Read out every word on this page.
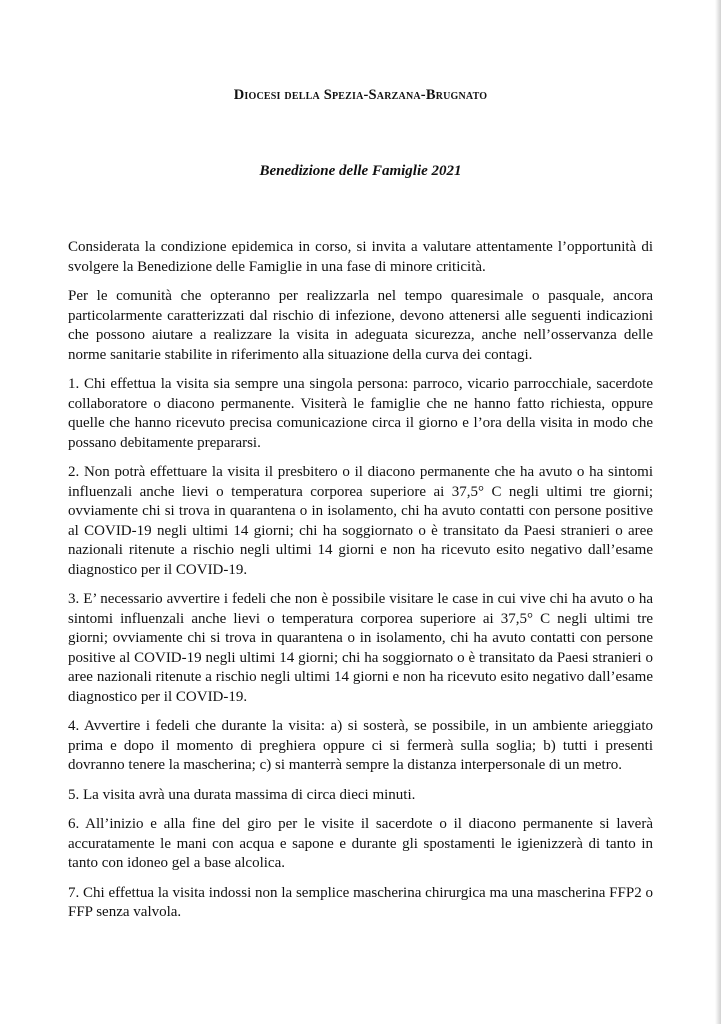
Diocesi della Spezia-Sarzana-Brugnato
Benedizione delle Famiglie 2021

Considerata la condizione epidemica in corso, si invita a valutare attentamente l’opportunità di svolgere la Benedizione delle Famiglie in una fase di minore criticità.

Per le comunità che opteranno per realizzarla nel tempo quaresimale o pasquale, ancora particolarmente caratterizzati dal rischio di infezione, devono attenersi alle seguenti indicazioni che possono aiutare a realizzare la visita in adeguata sicurezza, anche nell’osservanza delle norme sanitarie stabilite in riferimento alla situazione della curva dei contagi.

1. Chi effettua la visita sia sempre una singola persona: parroco, vicario parrocchiale, sacerdote collaboratore o diacono permanente. Visiterà le famiglie che ne hanno fatto richiesta, oppure quelle che hanno ricevuto precisa comunicazione circa il giorno e l’ora della visita in modo che possano debitamente prepararsi.

2. Non potrà effettuare la visita il presbitero o il diacono permanente che ha avuto o ha sintomi influenzali anche lievi o temperatura corporea superiore ai 37,5° C negli ultimi tre giorni; ovviamente chi si trova in quarantena o in isolamento, chi ha avuto contatti con persone positive al COVID-19 negli ultimi 14 giorni; chi ha soggiornato o è transitato da Paesi stranieri o aree nazionali ritenute a rischio negli ultimi 14 giorni e non ha ricevuto esito negativo dall’esame diagnostico per il COVID-19.

3. E’ necessario avvertire i fedeli che non è possibile visitare le case in cui vive chi ha avuto o ha sintomi influenzali anche lievi o temperatura corporea superiore ai 37,5° C negli ultimi tre giorni; ovviamente chi si trova in quarantena o in isolamento, chi ha avuto contatti con persone positive al COVID-19 negli ultimi 14 giorni; chi ha soggiornato o è transitato da Paesi stranieri o aree nazionali ritenute a rischio negli ultimi 14 giorni e non ha ricevuto esito negativo dall’esame diagnostico per il COVID-19.

4. Avvertire i fedeli che durante la visita: a) si sosterà, se possibile, in un ambiente arieggiato prima e dopo il momento di preghiera oppure ci si fermerà sulla soglia; b) tutti i presenti dovranno tenere la mascherina; c) si manterrà sempre la distanza interpersonale di un metro.

5. La visita avrà una durata massima di circa dieci minuti.

6. All’inizio e alla fine del giro per le visite il sacerdote o il diacono permanente si laverà accuratamente le mani con acqua e sapone e durante gli spostamenti le igienizzerà di tanto in tanto con idoneo gel a base alcolica.

7. Chi effettua la visita indossi non la semplice mascherina chirurgica ma una mascherina FFP2 o FFP senza valvola.
